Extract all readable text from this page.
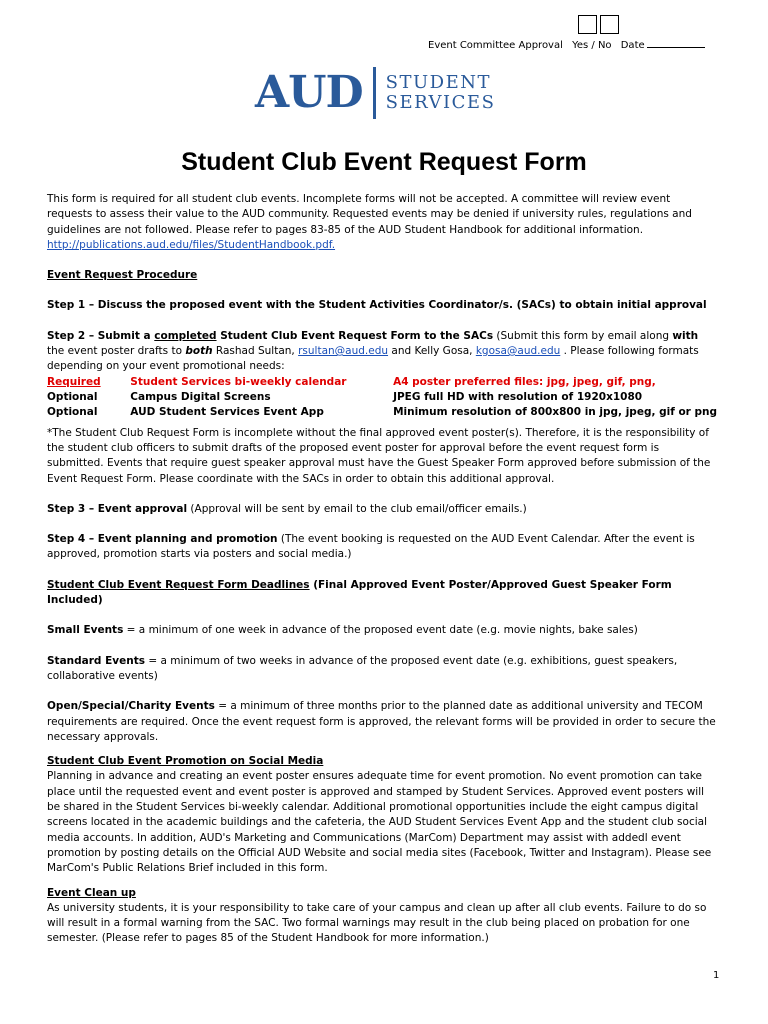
Event Committee Approval Yes / No Date
AUD STUDENT
SERVICES
Student Club Event Request Form

This form is required for all student club events. Incomplete forms will not be accepted. A committee will review event requests to assess their value to the AUD community. Requested events may be denied if university rules, regulations and guidelines are not followed. Please refer to pages 83-85 of the AUD Student Handbook for additional information. http://publications.aud.edu/files/StudentHandbook.pdf.

Event Request Procedure

Step 1 – Discuss the proposed event with the Student Activities Coordinator/s. (SACs) to obtain initial approval

Step 2 – Submit a completed Student Club Event Request Form to the SACs (Submit this form by email along with the event poster drafts to both Rashad Sultan, rsultan@aud.edu and Kelly Gosa, kgosa@aud.edu . Please following formats depending on your event promotional needs:

Required	Student Services bi-weekly calendar	A4 poster preferred files: jpg, jpeg, gif, png,
Optional	Campus Digital Screens	JPEG full HD with resolution of 1920x1080
Optional	AUD Student Services Event App	Minimum resolution of 800x800 in jpg, jpeg, gif or png

*The Student Club Request Form is incomplete without the final approved event poster(s). Therefore, it is the responsibility of the student club officers to submit drafts of the proposed event poster for approval before the event request form is submitted. Events that require guest speaker approval must have the Guest Speaker Form approved before submission of the Event Request Form. Please coordinate with the SACs in order to obtain this additional approval.

Step 3 – Event approval (Approval will be sent by email to the club email/officer emails.)

Step 4 – Event planning and promotion (The event booking is requested on the AUD Event Calendar. After the event is approved, promotion starts via posters and social media.)

Student Club Event Request Form Deadlines (Final Approved Event Poster/Approved Guest Speaker Form Included)

Small Events = a minimum of one week in advance of the proposed event date (e.g. movie nights, bake sales)

Standard Events = a minimum of two weeks in advance of the proposed event date (e.g. exhibitions, guest speakers, collaborative events)

Open/Special/Charity Events = a minimum of three months prior to the planned date as additional university and TECOM requirements are required. Once the event request form is approved, the relevant forms will be provided in order to secure the necessary approvals.

Student Club Event Promotion on Social Media

Planning in advance and creating an event poster ensures adequate time for event promotion. No event promotion can take place until the requested event and event poster is approved and stamped by Student Services. Approved event posters will be shared in the Student Services bi-weekly calendar. Additional promotional opportunities include the eight campus digital screens located in the academic buildings and the cafeteria, the AUD Student Services Event App and the student club social media accounts. In addition, AUD's Marketing and Communications (MarCom) Department may assist with addedl event promotion by posting details on the Official AUD Website and social media sites (Facebook, Twitter and Instagram). Please see MarCom's Public Relations Brief included in this form.

Event Clean up

As university students, it is your responsibility to take care of your campus and clean up after all club events. Failure to do so will result in a formal warning from the SAC. Two formal warnings may result in the club being placed on probation for one semester. (Please refer to pages 85 of the Student Handbook for more information.)

1
